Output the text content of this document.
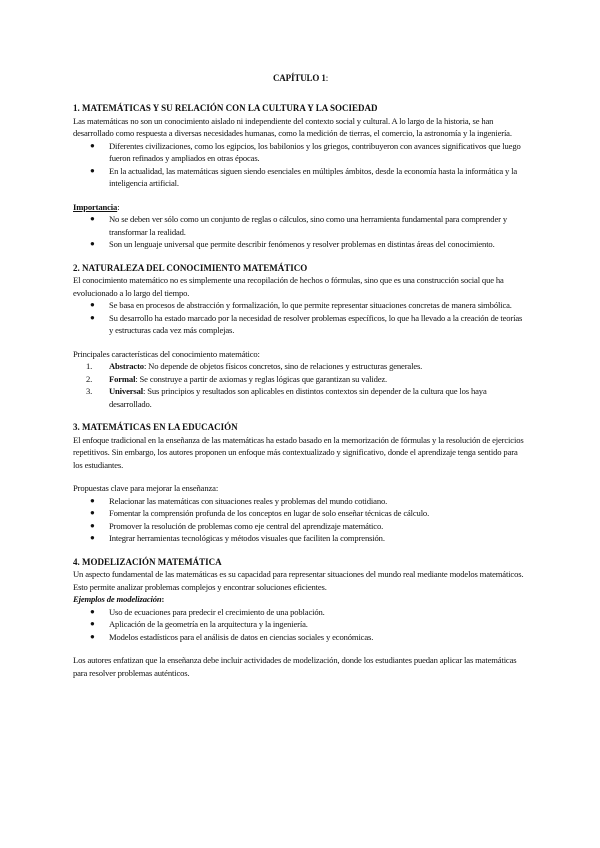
CAPÍTULO 1:
1. MATEMÁTICAS Y SU RELACIÓN CON LA CULTURA Y LA SOCIEDAD

Las matemáticas no son un conocimiento aislado ni independiente del contexto social y cultural. A lo largo de la historia, se han desarrollado como respuesta a diversas necesidades humanas, como la medición de tierras, el comercio, la astronomía y la ingeniería.

● Diferentes civilizaciones, como los egipcios, los babilonios y los griegos, contribuyeron con avances significativos que luego fueron refinados y ampliados en otras épocas.
● En la actualidad, las matemáticas siguen siendo esenciales en múltiples ámbitos, desde la economía hasta la informática y la inteligencia artificial.

Importancia:

● No se deben ver sólo como un conjunto de reglas o cálculos, sino como una herramienta fundamental para comprender y transformar la realidad.
● Son un lenguaje universal que permite describir fenómenos y resolver problemas en distintas áreas del conocimiento.
2. NATURALEZA DEL CONOCIMIENTO MATEMÁTICO

El conocimiento matemático no es simplemente una recopilación de hechos o fórmulas, sino que es una construcción social que ha evolucionado a lo largo del tiempo.

● Se basa en procesos de abstracción y formalización, lo que permite representar situaciones concretas de manera simbólica.
● Su desarrollo ha estado marcado por la necesidad de resolver problemas específicos, lo que ha llevado a la creación de teorías y estructuras cada vez más complejas.

Principales características del conocimiento matemático:

1. Abstracto: No depende de objetos físicos concretos, sino de relaciones y estructuras generales.
2. Formal: Se construye a partir de axiomas y reglas lógicas que garantizan su validez.
3. Universal: Sus principios y resultados son aplicables en distintos contextos sin depender de la cultura que los haya desarrollado.
3. MATEMÁTICAS EN LA EDUCACIÓN

El enfoque tradicional en la enseñanza de las matemáticas ha estado basado en la memorización de fórmulas y la resolución de ejercicios repetitivos. Sin embargo, los autores proponen un enfoque más contextualizado y significativo, donde el aprendizaje tenga sentido para los estudiantes.

Propuestas clave para mejorar la enseñanza:

● Relacionar las matemáticas con situaciones reales y problemas del mundo cotidiano.
● Fomentar la comprensión profunda de los conceptos en lugar de solo enseñar técnicas de cálculo.
● Promover la resolución de problemas como eje central del aprendizaje matemático.
● Integrar herramientas tecnológicas y métodos visuales que faciliten la comprensión.
4. MODELIZACIÓN MATEMÁTICA

Un aspecto fundamental de las matemáticas es su capacidad para representar situaciones del mundo real mediante modelos matemáticos. Esto permite analizar problemas complejos y encontrar soluciones eficientes.

Ejemplos de modelización:

● Uso de ecuaciones para predecir el crecimiento de una población.
● Aplicación de la geometría en la arquitectura y la ingeniería.
● Modelos estadísticos para el análisis de datos en ciencias sociales y económicas.

Los autores enfatizan que la enseñanza debe incluir actividades de modelización, donde los estudiantes puedan aplicar las matemáticas para resolver problemas auténticos.
